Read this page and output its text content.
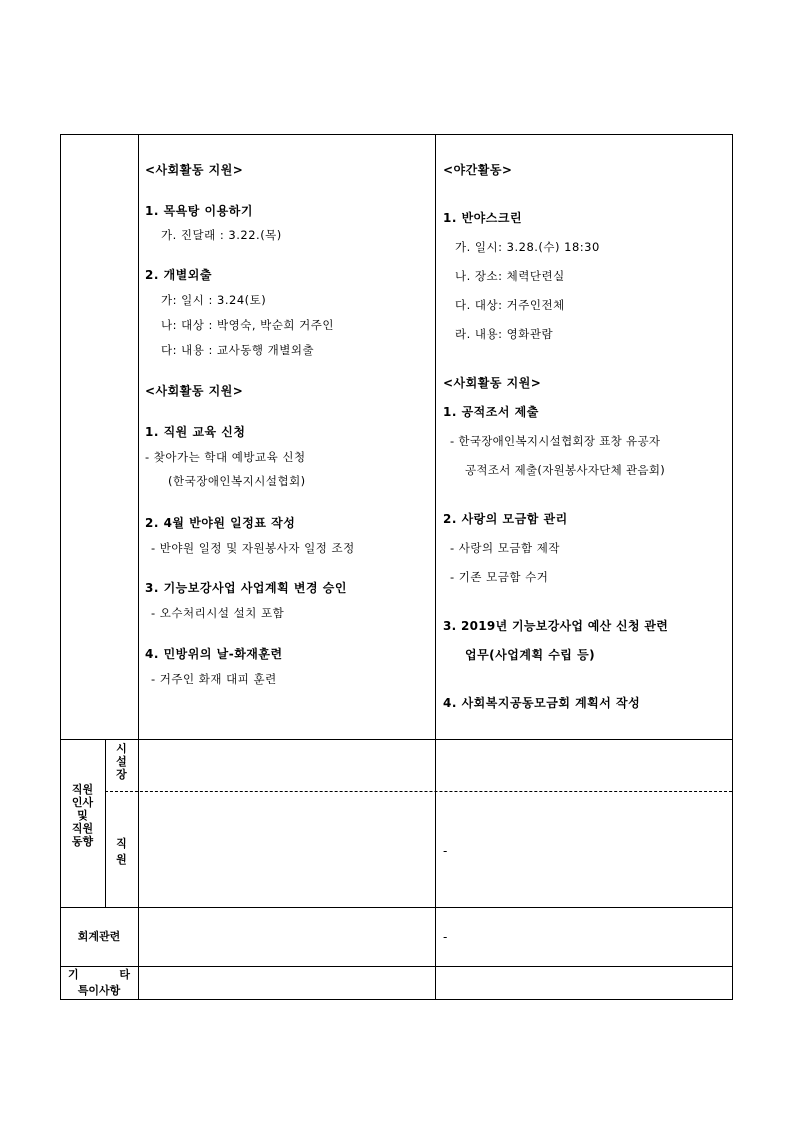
직원
인사
및
직원
동향
시
설
장
직
원
회계관련
기	타
특이사항
-
-
<사회활동 지원>
1. 목욕탕 이용하기
가. 진달래 : 3.22.(목)
2. 개별외출
가: 일시 : 3.24(토)
나: 대상 : 박영숙, 박순희 거주인
다: 내용 : 교사동행 개별외출
<사회활동 지원>
1. 직원 교육 신청
- 찾아가는 학대 예방교육 신청
(한국장애인복지시설협회)
2. 4월 반야원 일정표 작성
- 반야원 일정 및 자원봉사자 일정 조정
3. 기능보강사업 사업계획 변경 승인
- 오수처리시설 설치 포함
4. 민방위의 날-화재훈련
- 거주인 화재 대피 훈련
<야간활동>
1. 반야스크린
가. 일시: 3.28.(수) 18:30
나. 장소: 체력단련실
다. 대상: 거주인전체
라. 내용: 영화관람
<사회활동 지원>
1. 공적조서 제출
- 한국장애인복지시설협회장 표창 유공자
공적조서 제출(자원봉사자단체 관음회)
2. 사랑의 모금함 관리
- 사랑의 모금함 제작
- 기존 모금함 수거
3. 2019년 기능보강사업 예산 신청 관련
업무(사업계획 수립 등)
4. 사회복지공동모금회 계획서 작성
